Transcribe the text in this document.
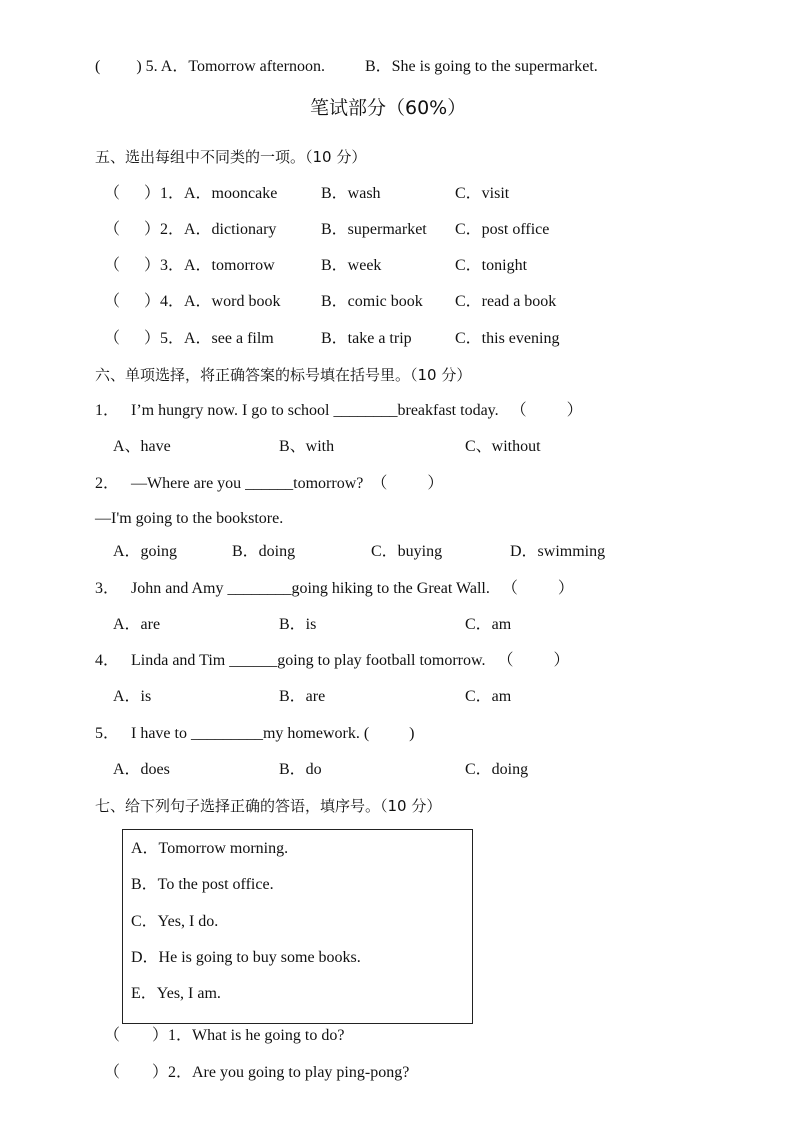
(         ) 5. A．Tomorrow afternoon.          B．She is going to the supermarket.
笔试部分（60%）
五、选出每组中不同类的一项。（10 分）
（      ）1．A．mooncake	B．wash	C．visit
（      ）2．A．dictionary	B．supermarket C．post office
（      ）3．A．tomorrow	B．week	C．tonight
（      ）4．A．word book	B．comic book C．read a book
（      ）5．A．see a film	B．take a trip	C．this evening
六、单项选择，将正确答案的标号填在括号里。（10 分）
1．   I’m hungry now. I go to school ________breakfast today.   （          ）
A、have	B、with	C、without
2．   —Where are you ______tomorrow?  （          ）
—I'm going to the bookstore.
A．going	B．doing	C．buying	D．swimming
3．   John and Amy ________going hiking to the Great Wall.   （          ）
A．are	B．is	C．am
4．   Linda and Tim ______going to play football tomorrow.   （          ）
A．is	B．are	C．am
5．   I have to _________my homework. (          )
A．does	B．do	C．doing
七、给下列句子选择正确的答语，填序号。（10 分）
A．Tomorrow morning.
B．To the post office.
C．Yes, I do.
D．He is going to buy some books.
E．Yes, I am.
（        ）1．What is he going to do?
（        ）2．Are you going to play ping-pong?
